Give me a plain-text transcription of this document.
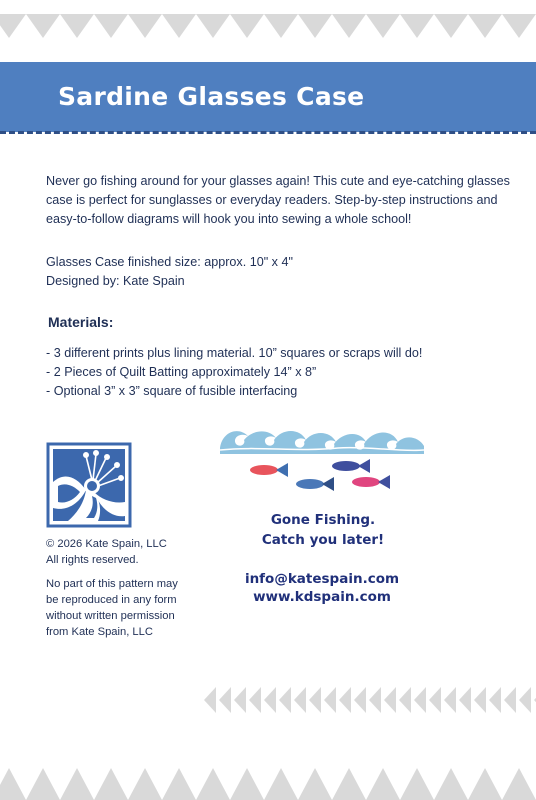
Sardine Glasses Case

Never go fishing around for your glasses again! This cute and eye-catching glasses case is perfect for sunglasses or everyday readers. Step-by-step instructions and easy-to-follow diagrams will hook you into sewing a whole school!

Glasses Case finished size: approx. 10" x 4"
Designed by: Kate Spain
Materials:
- 3 different prints plus lining material. 10” squares or scraps will do!
- 2 Pieces of Quilt Batting approximately 14” x 8”
- Optional 3” x 3” square of fusible interfacing

© 2026 Kate Spain, LLC
All rights reserved.

No part of this pattern may be reproduced in any form without written permission from Kate Spain, LLC

Gone Fishing.
Catch you later!
info@katespain.com
www.kdspain.com
